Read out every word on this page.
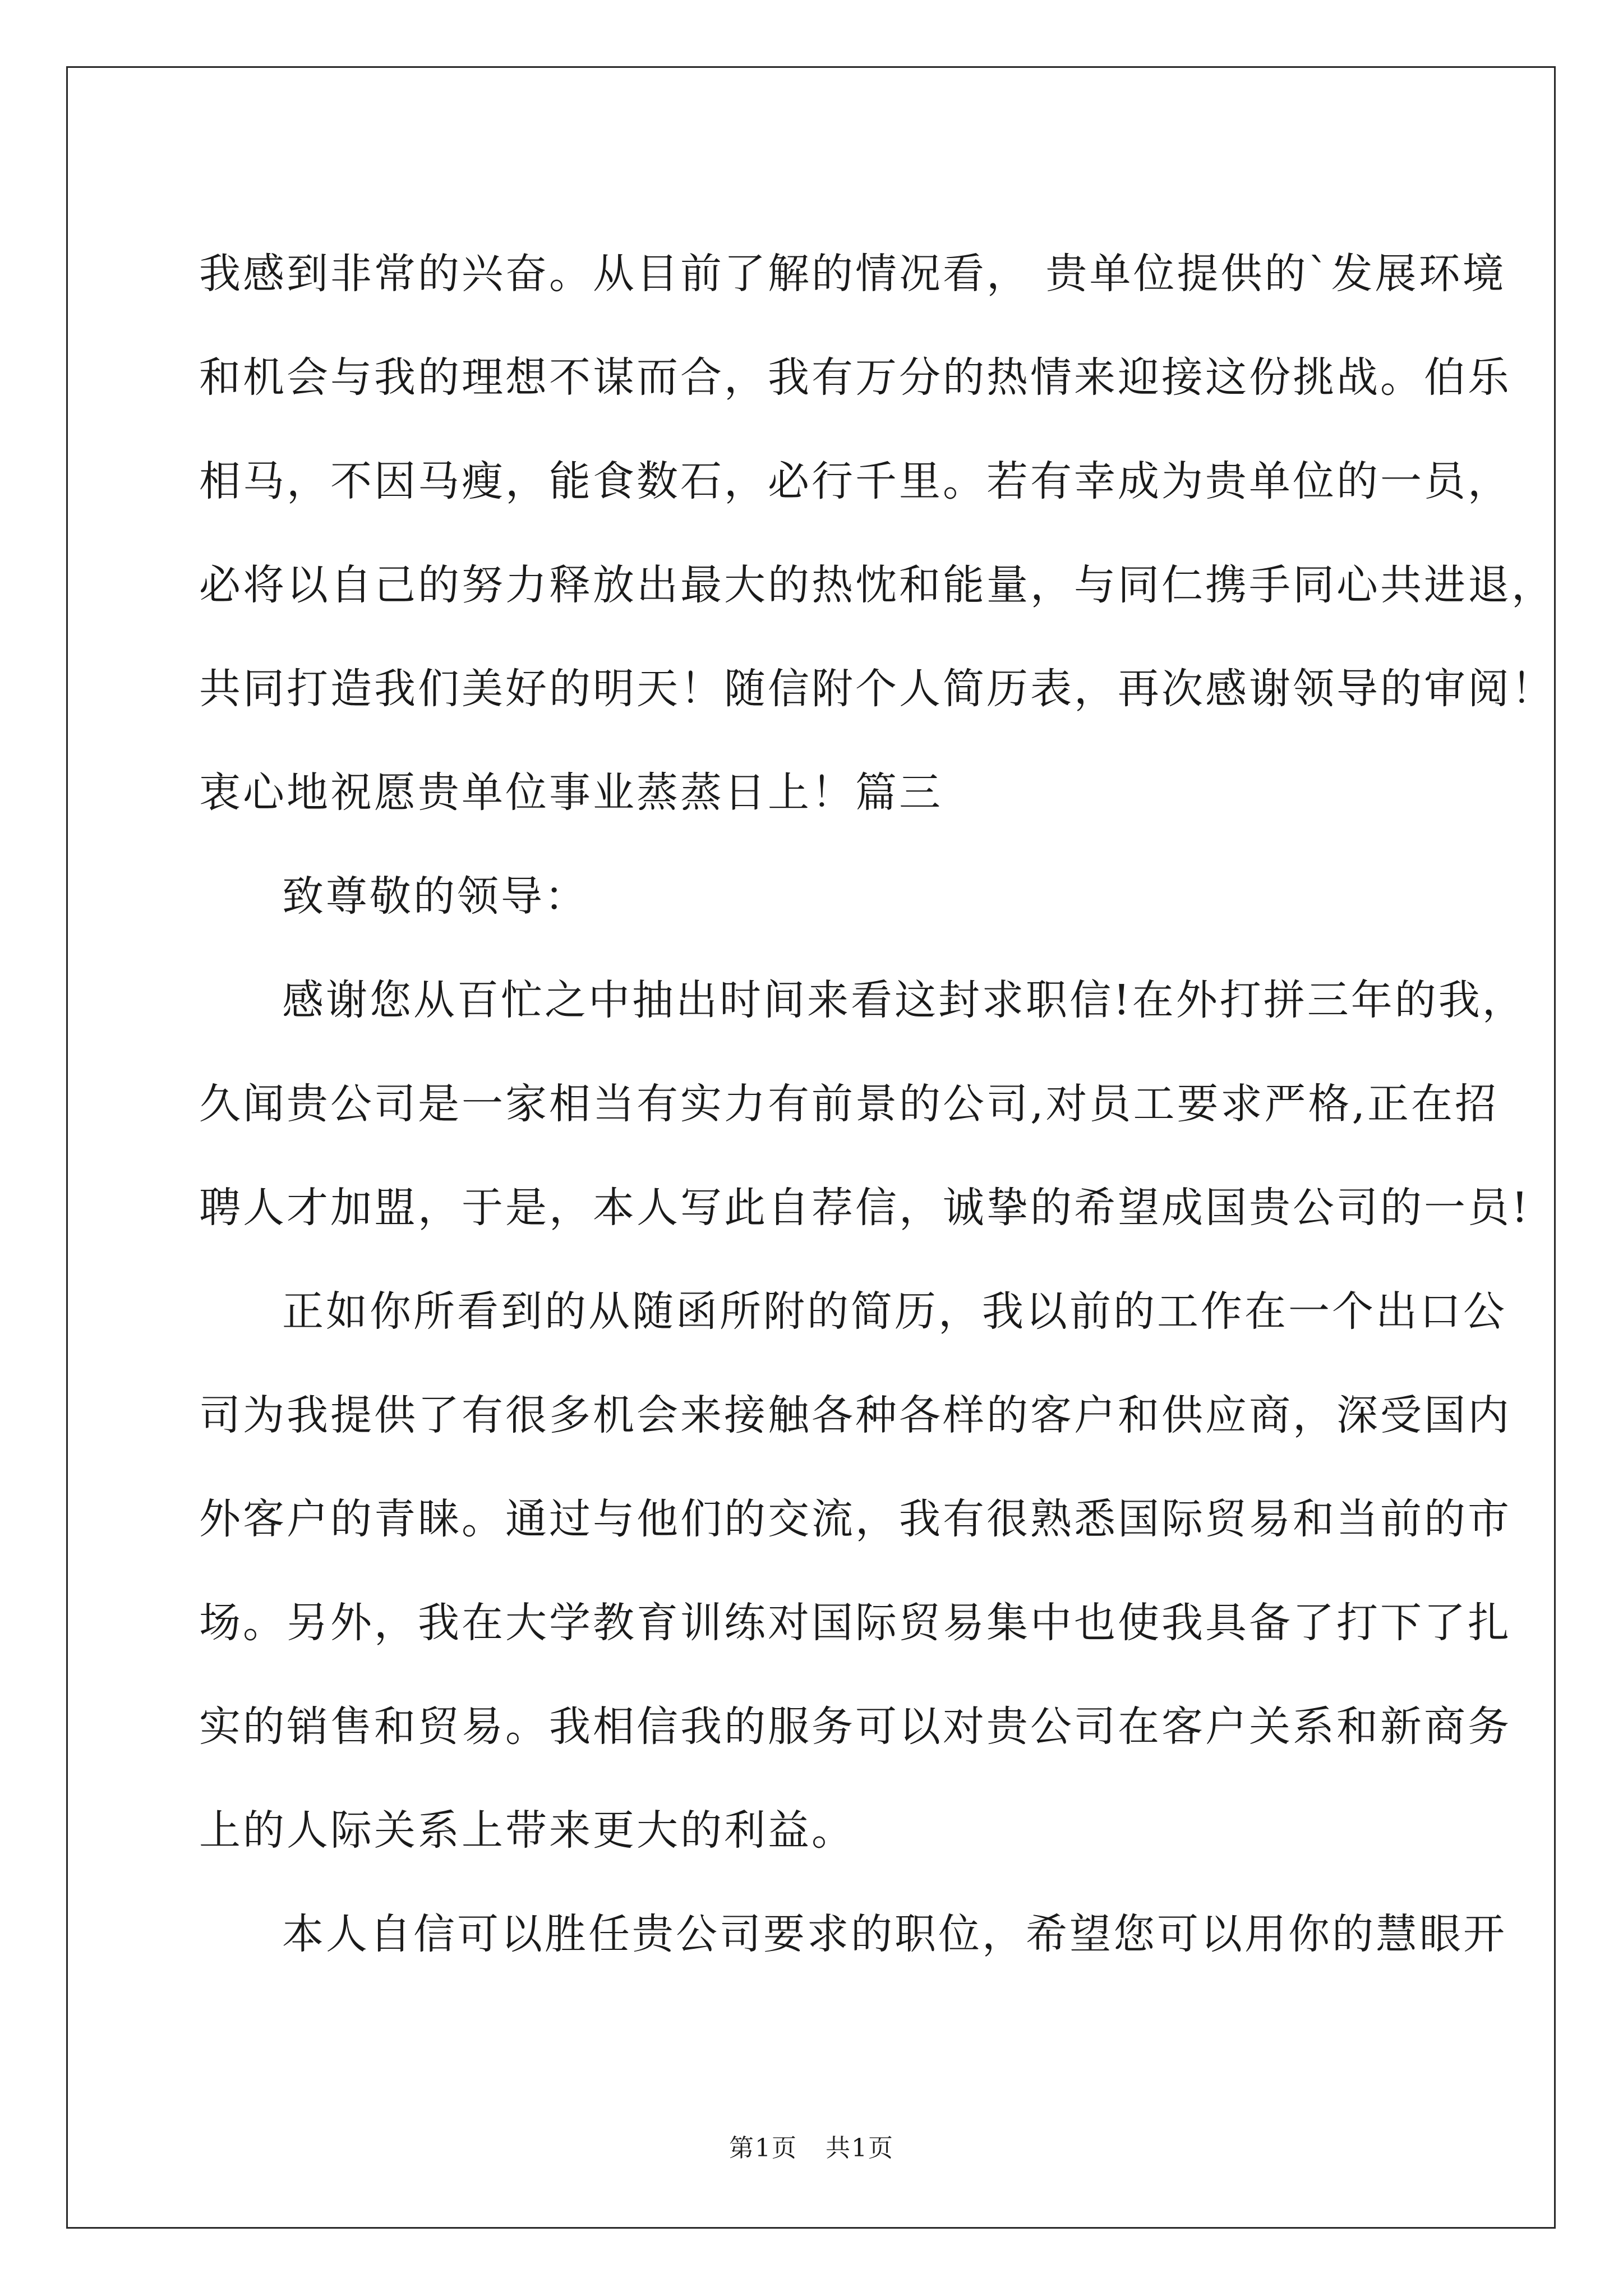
我感到非常的兴奋。从目前了解的情况看， 贵单位提供的`发展环境
和机会与我的理想不谋而合，我有万分的热情来迎接这份挑战。伯乐
相马，不因马瘦，能食数石，必行千里。若有幸成为贵单位的一员，
必将以自己的努力释放出最大的热忱和能量，与同仁携手同心共进退，
共同打造我们美好的明天！随信附个人简历表，再次感谢领导的审阅！
衷心地祝愿贵单位事业蒸蒸日上！篇三
致尊敬的领导：
感谢您从百忙之中抽出时间来看这封求职信!在外打拼三年的我，
久闻贵公司是一家相当有实力有前景的公司,对员工要求严格,正在招
聘人才加盟，于是，本人写此自荐信，诚挚的希望成国贵公司的一员!
正如你所看到的从随函所附的简历，我以前的工作在一个出口公
司为我提供了有很多机会来接触各种各样的客户和供应商，深受国内
外客户的青睐。通过与他们的交流，我有很熟悉国际贸易和当前的市
场。另外，我在大学教育训练对国际贸易集中也使我具备了打下了扎
实的销售和贸易。我相信我的服务可以对贵公司在客户关系和新商务
上的人际关系上带来更大的利益。
本人自信可以胜任贵公司要求的职位，希望您可以用你的慧眼开
第1页 共1页
